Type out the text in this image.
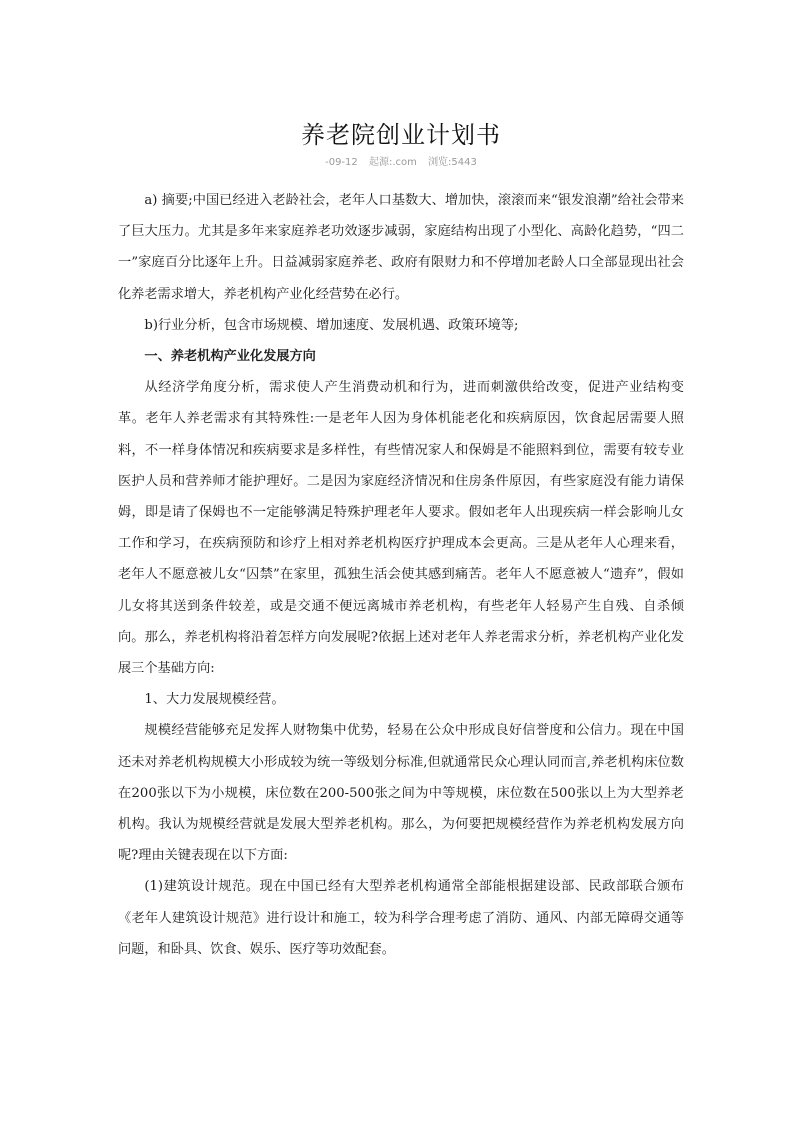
养老院创业计划书
-09-12 起源:.com 浏览:5443

a) 摘要;中国已经进入老龄社会，老年人口基数大、增加快，滚滚而来“银发浪潮”给社会带来了巨大压力。尤其是多年来家庭养老功效逐步减弱，家庭结构出现了小型化、高龄化趋势，“四二一”家庭百分比逐年上升。日益减弱家庭养老、政府有限财力和不停增加老龄人口全部显现出社会化养老需求增大，养老机构产业化经营势在必行。

b)行业分析，包含市场规模、增加速度、发展机遇、政策环境等;

一、养老机构产业化发展方向

从经济学角度分析，需求使人产生消费动机和行为，进而刺激供给改变，促进产业结构变革。老年人养老需求有其特殊性:一是老年人因为身体机能老化和疾病原因，饮食起居需要人照料，不一样身体情况和疾病要求是多样性，有些情况家人和保姆是不能照料到位，需要有较专业医护人员和营养师才能护理好。二是因为家庭经济情况和住房条件原因，有些家庭没有能力请保姆，即是请了保姆也不一定能够满足特殊护理老年人要求。假如老年人出现疾病一样会影响儿女工作和学习，在疾病预防和诊疗上相对养老机构医疗护理成本会更高。三是从老年人心理来看，老年人不愿意被儿女“囚禁”在家里，孤独生活会使其感到痛苦。老年人不愿意被人“遗弃”，假如儿女将其送到条件较差，或是交通不便远离城市养老机构，有些老年人轻易产生自残、自杀倾向。那么，养老机构将沿着怎样方向发展呢?依据上述对老年人养老需求分析，养老机构产业化发展三个基础方向:

1、大力发展规模经营。

规模经营能够充足发挥人财物集中优势，轻易在公众中形成良好信誉度和公信力。现在中国还未对养老机构规模大小形成较为统一等级划分标准,但就通常民众心理认同而言,养老机构床位数在200张以下为小规模，床位数在200-500张之间为中等规模，床位数在500张以上为大型养老机构。我认为规模经营就是发展大型养老机构。那么，为何要把规模经营作为养老机构发展方向呢?理由关键表现在以下方面:

(1)建筑设计规范。现在中国已经有大型养老机构通常全部能根据建设部、民政部联合颁布《老年人建筑设计规范》进行设计和施工，较为科学合理考虑了消防、通风、内部无障碍交通等问题，和卧具、饮食、娱乐、医疗等功效配套。
